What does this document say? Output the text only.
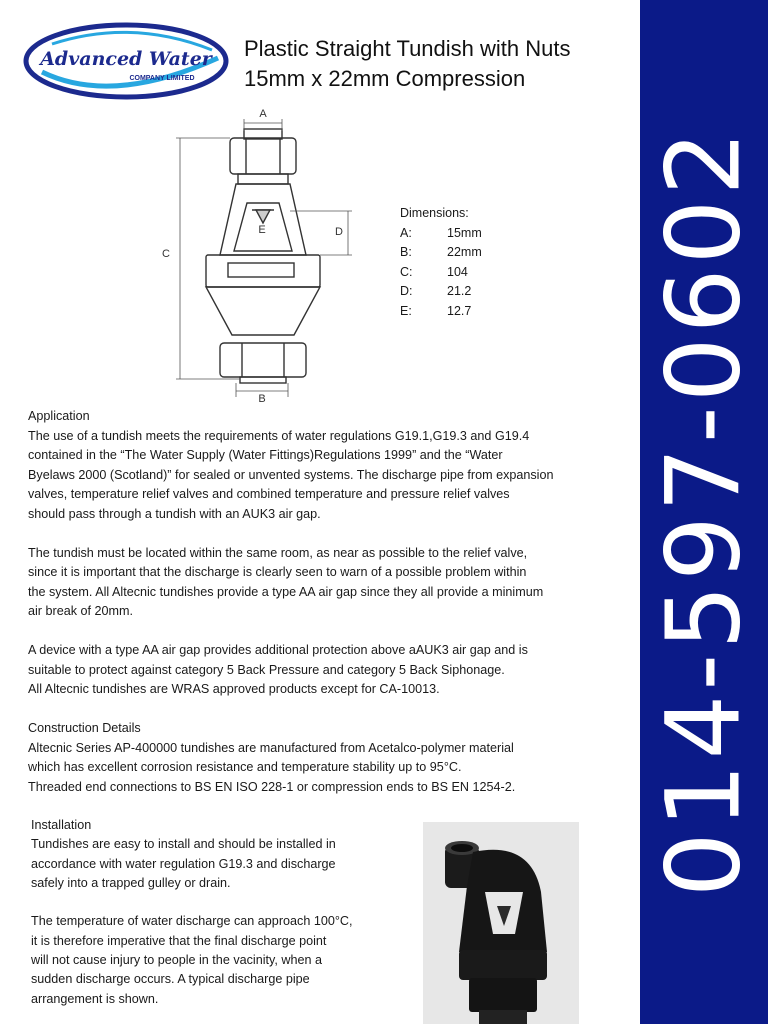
Advanced Water
COMPANY LIMITED
Plastic Straight Tundish with Nuts
15mm x 22mm Compression
A
B
C
D
E
Dimensions:
A:	15mm
B:	22mm
C:	104
D:	21.2
E:	12.7

Application
The use of a tundish meets the requirements of water regulations G19.1,G19.3 and G19.4
contained in the “The Water Supply (Water Fittings)Regulations 1999” and the “Water
Byelaws 2000 (Scotland)” for sealed or unvented systems. The discharge pipe from expansion
valves, temperature relief valves and combined temperature and pressure relief valves
should pass through a tundish with an AUK3 air gap.

The tundish must be located within the same room, as near as possible to the relief valve,
since it is important that the discharge is clearly seen to warn of a possible problem within
the system. All Altecnic tundishes provide a type AA air gap since they all provide a minimum
air break of 20mm.

A device with a type AA air gap provides additional protection above aAUK3 air gap and is
suitable to protect against category 5 Back Pressure and category 5 Back Siphonage.
All Altecnic tundishes are WRAS approved products except for CA-10013.

Construction Details
Altecnic Series AP-400000 tundishes are manufactured from Acetalco-polymer material
which has excellent corrosion resistance and temperature stability up to 95°C.
Threaded end connections to BS EN ISO 228-1 or compression ends to BS EN 1254-2.

Installation
Tundishes are easy to install and should be installed in
accordance with water regulation G19.3 and discharge
safely into a trapped gulley or drain.

The temperature of water discharge can approach 100°C,
it is therefore imperative that the final discharge point
will not cause injury to people in the vacinity, when a
sudden discharge occurs. A typical discharge pipe
arrangement is shown.

014-597-0602
